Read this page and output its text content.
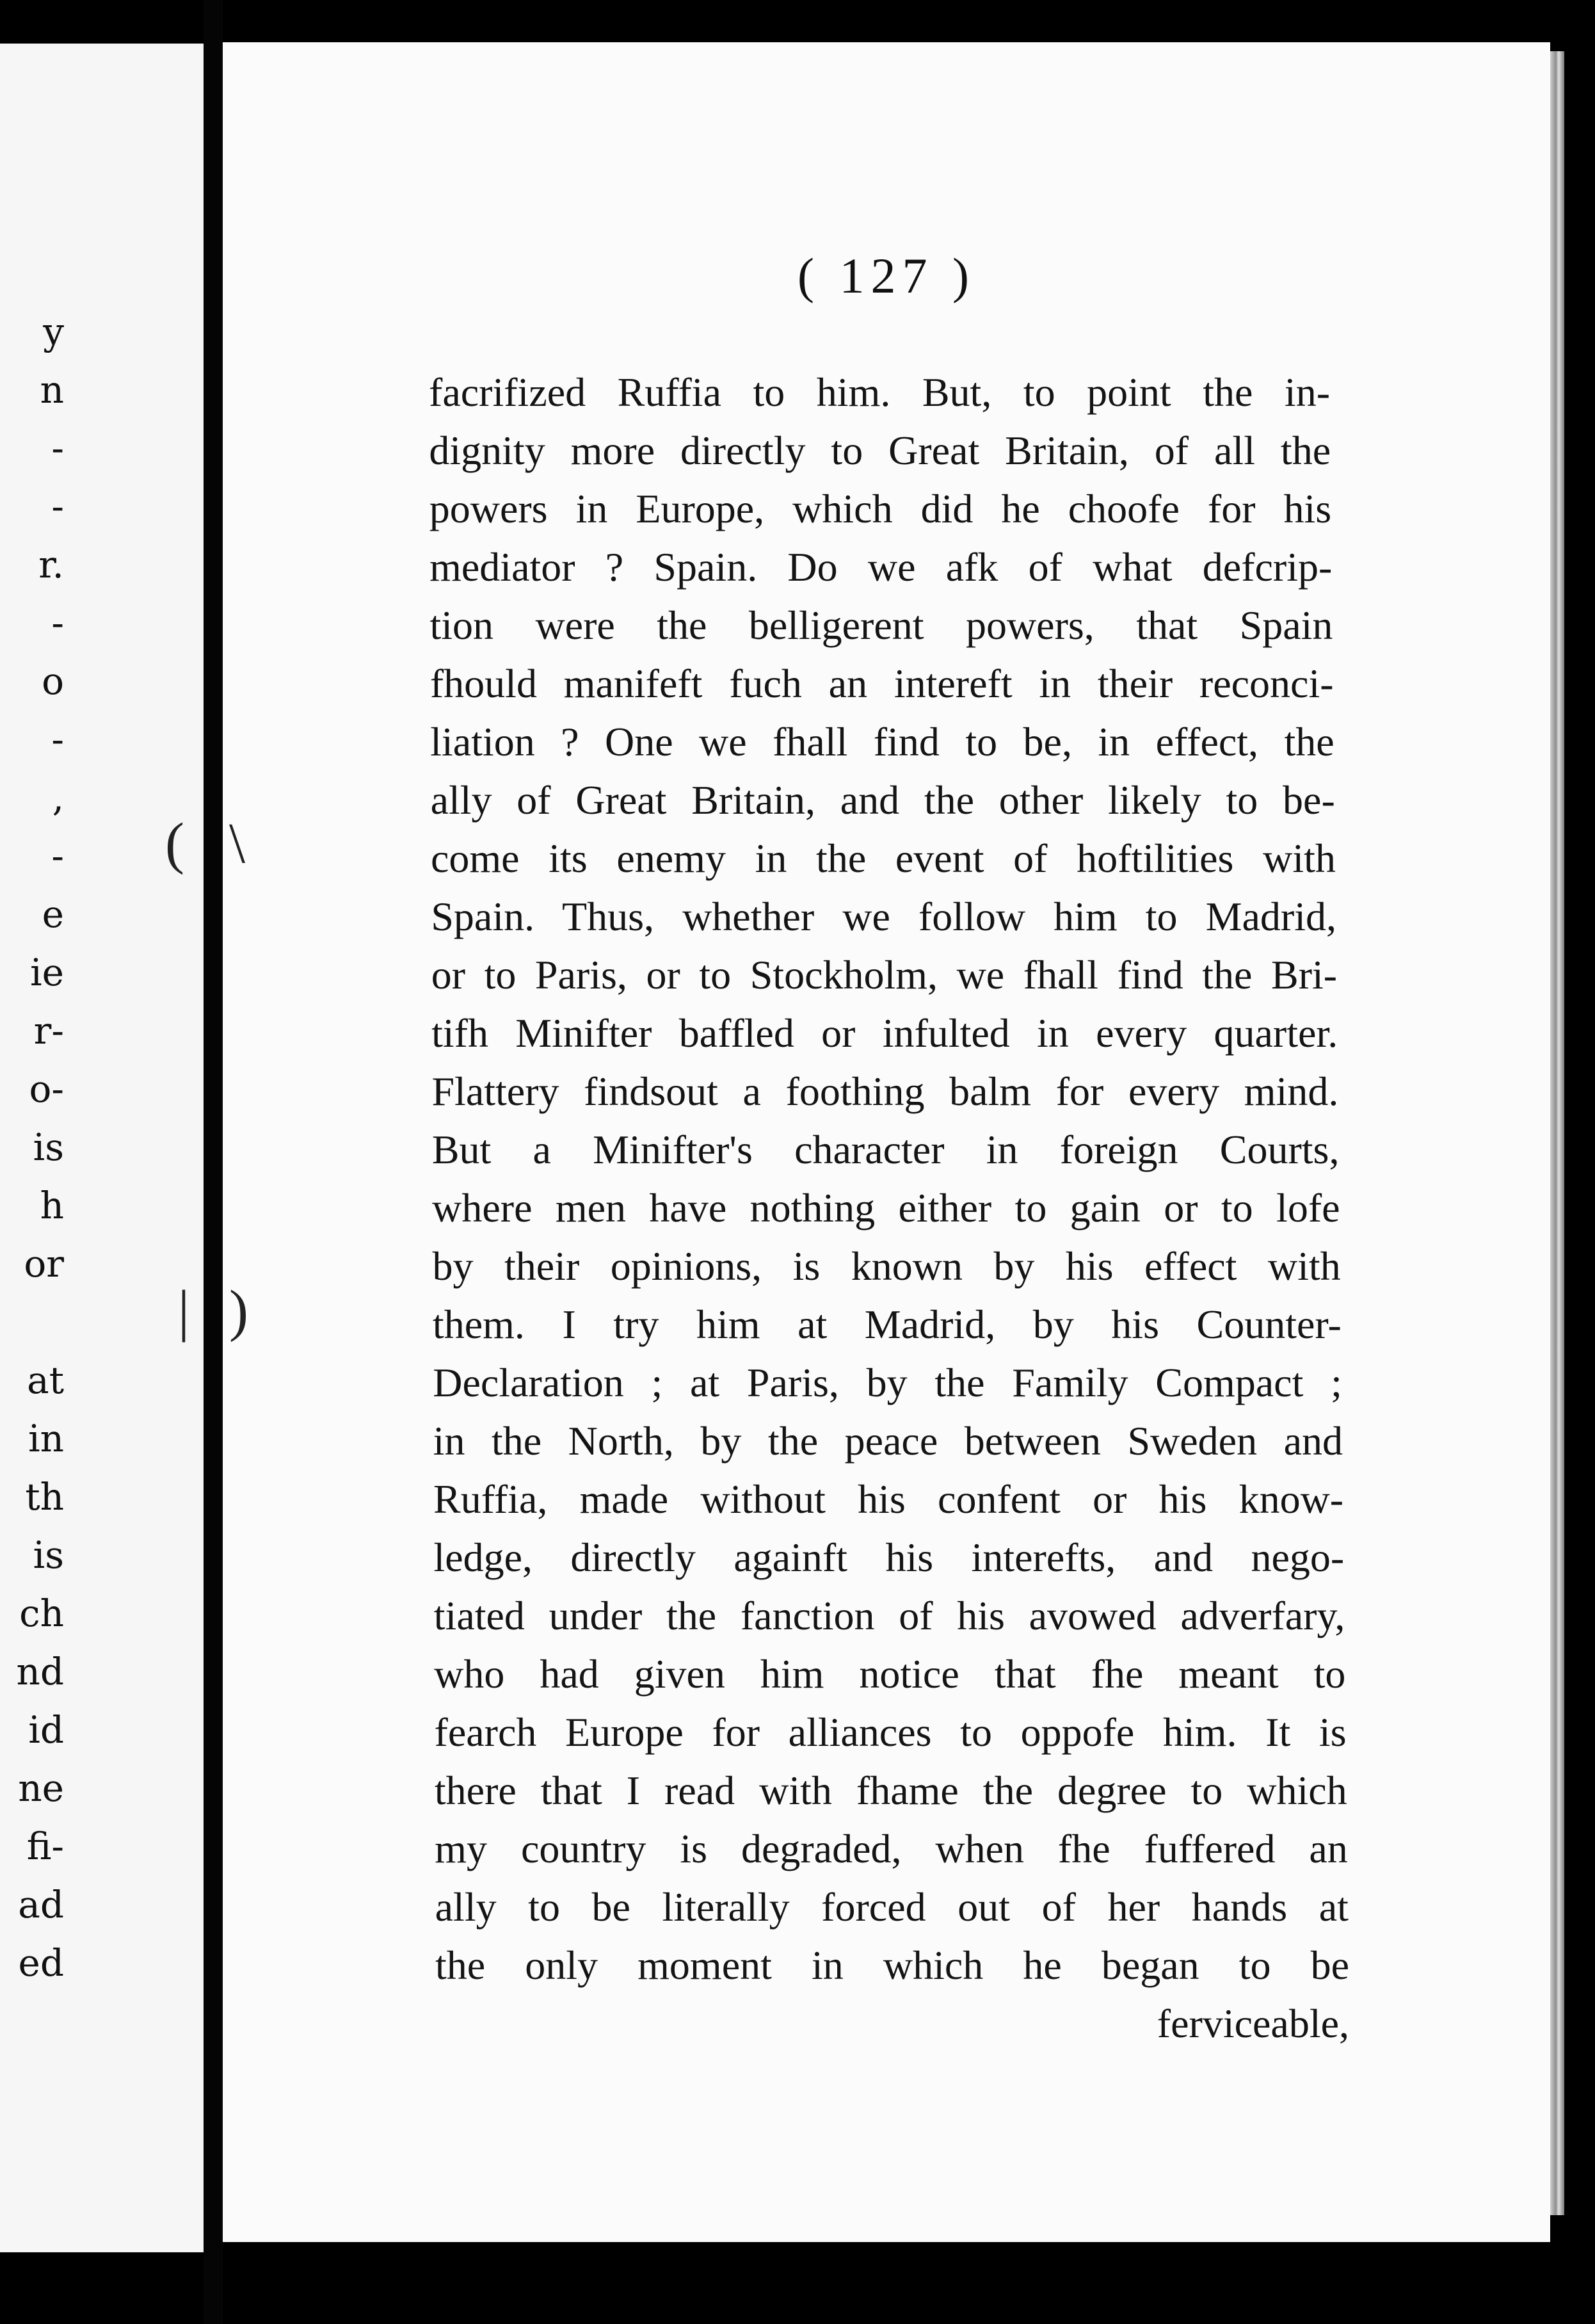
y
n
-
-
r.
-
o
-
,
-
e
ie
r-
o-
is
h
or
at
in
th
is
ch
nd
id
ne
fi-
ad
ed
( 127 )
facrifized Ruffia to him. But, to point the in-
dignity more directly to Great Britain, of all the
powers in Europe, which did he choofe for his
mediator ? Spain. Do we afk of what defcrip-
tion were the belligerent powers, that Spain
fhould manifeft fuch an intereft in their reconci-
liation ? One we fhall find to be, in effect, the
ally of Great Britain, and the other likely to be-
come its enemy in the event of hoftilities with
Spain. Thus, whether we follow him to Madrid,
or to Paris, or to Stockholm, we fhall find the Bri-
tifh Minifter baffled or infulted in every quarter.
Flattery findsout a foothing balm for every mind.
But a Minifter's character in foreign Courts,
where men have nothing either to gain or to lofe
by their opinions, is known by his effect with
them. I try him at Madrid, by his Counter-
Declaration ; at Paris, by the Family Compact ;
in the North, by the peace between Sweden and
Ruffia, made without his confent or his know-
ledge, directly againft his interefts, and nego-
tiated under the fanction of his avowed adverfary,
who had given him notice that fhe meant to
fearch Europe for alliances to oppofe him. It is
there that I read with fhame the degree to which
my country is degraded, when fhe fuffered an
ally to be literally forced out of her hands at
the only moment in which he began to be
ferviceable,
( \
| )
